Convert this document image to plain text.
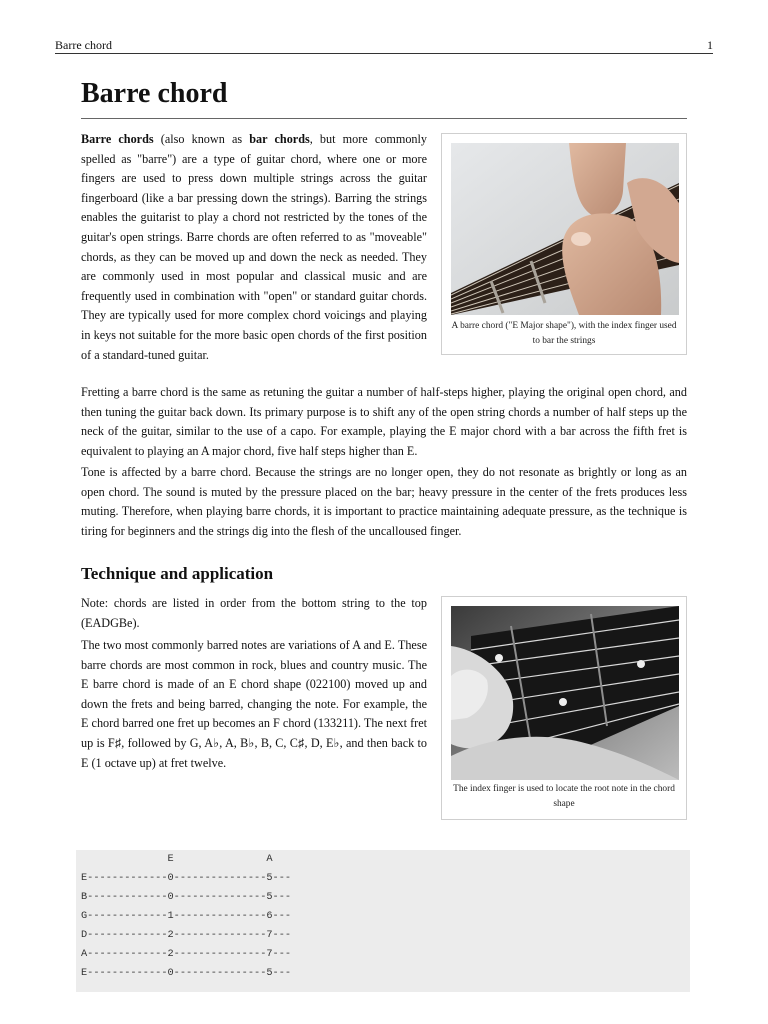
Barre chord	1
Barre chord

Barre chords (also known as bar chords, but more commonly spelled as "barre") are a type of guitar chord, where one or more fingers are used to press down multiple strings across the guitar fingerboard (like a bar pressing down the strings). Barring the strings enables the guitarist to play a chord not restricted by the tones of the guitar's open strings. Barre chords are often referred to as "moveable" chords, as they can be moved up and down the neck as needed. They are commonly used in most popular and classical music and are frequently used in combination with "open" or standard guitar chords. They are typically used for more complex chord voicings and playing in keys not suitable for the more basic open chords of the first position of a standard-tuned guitar.

A barre chord ("E Major shape"), with the index finger used to bar the strings

Fretting a barre chord is the same as retuning the guitar a number of half-steps higher, playing the original open chord, and then tuning the guitar back down. Its primary purpose is to shift any of the open string chords a number of half steps up the neck of the guitar, similar to the use of a capo. For example, playing the E major chord with a bar across the fifth fret is equivalent to playing an A major chord, five half steps higher than E.

Tone is affected by a barre chord. Because the strings are no longer open, they do not resonate as brightly or long as an open chord. The sound is muted by the pressure placed on the bar; heavy pressure in the center of the frets produces less muting. Therefore, when playing barre chords, it is important to practice maintaining adequate pressure, as the technique is tiring for beginners and the strings dig into the flesh of the uncalloused finger.

Technique and application

Note: chords are listed in order from the bottom string to the top (EADGBe).

The two most commonly barred notes are variations of A and E. These barre chords are most common in rock, blues and country music. The E barre chord is made of an E chord shape (022100) moved up and down the frets and being barred, changing the note. For example, the E chord barred one fret up becomes an F chord (133211). The next fret up is F♯, followed by G, A♭, A, B♭, B, C, C♯, D, E♭, and then back to E (1 octave up) at fret twelve.

The index finger is used to locate the root note in the chord shape
E               A
E-------------0---------------5---
B-------------0---------------5---
G-------------1---------------6---
D-------------2---------------7---
A-------------2---------------7---
E-------------0---------------5---
